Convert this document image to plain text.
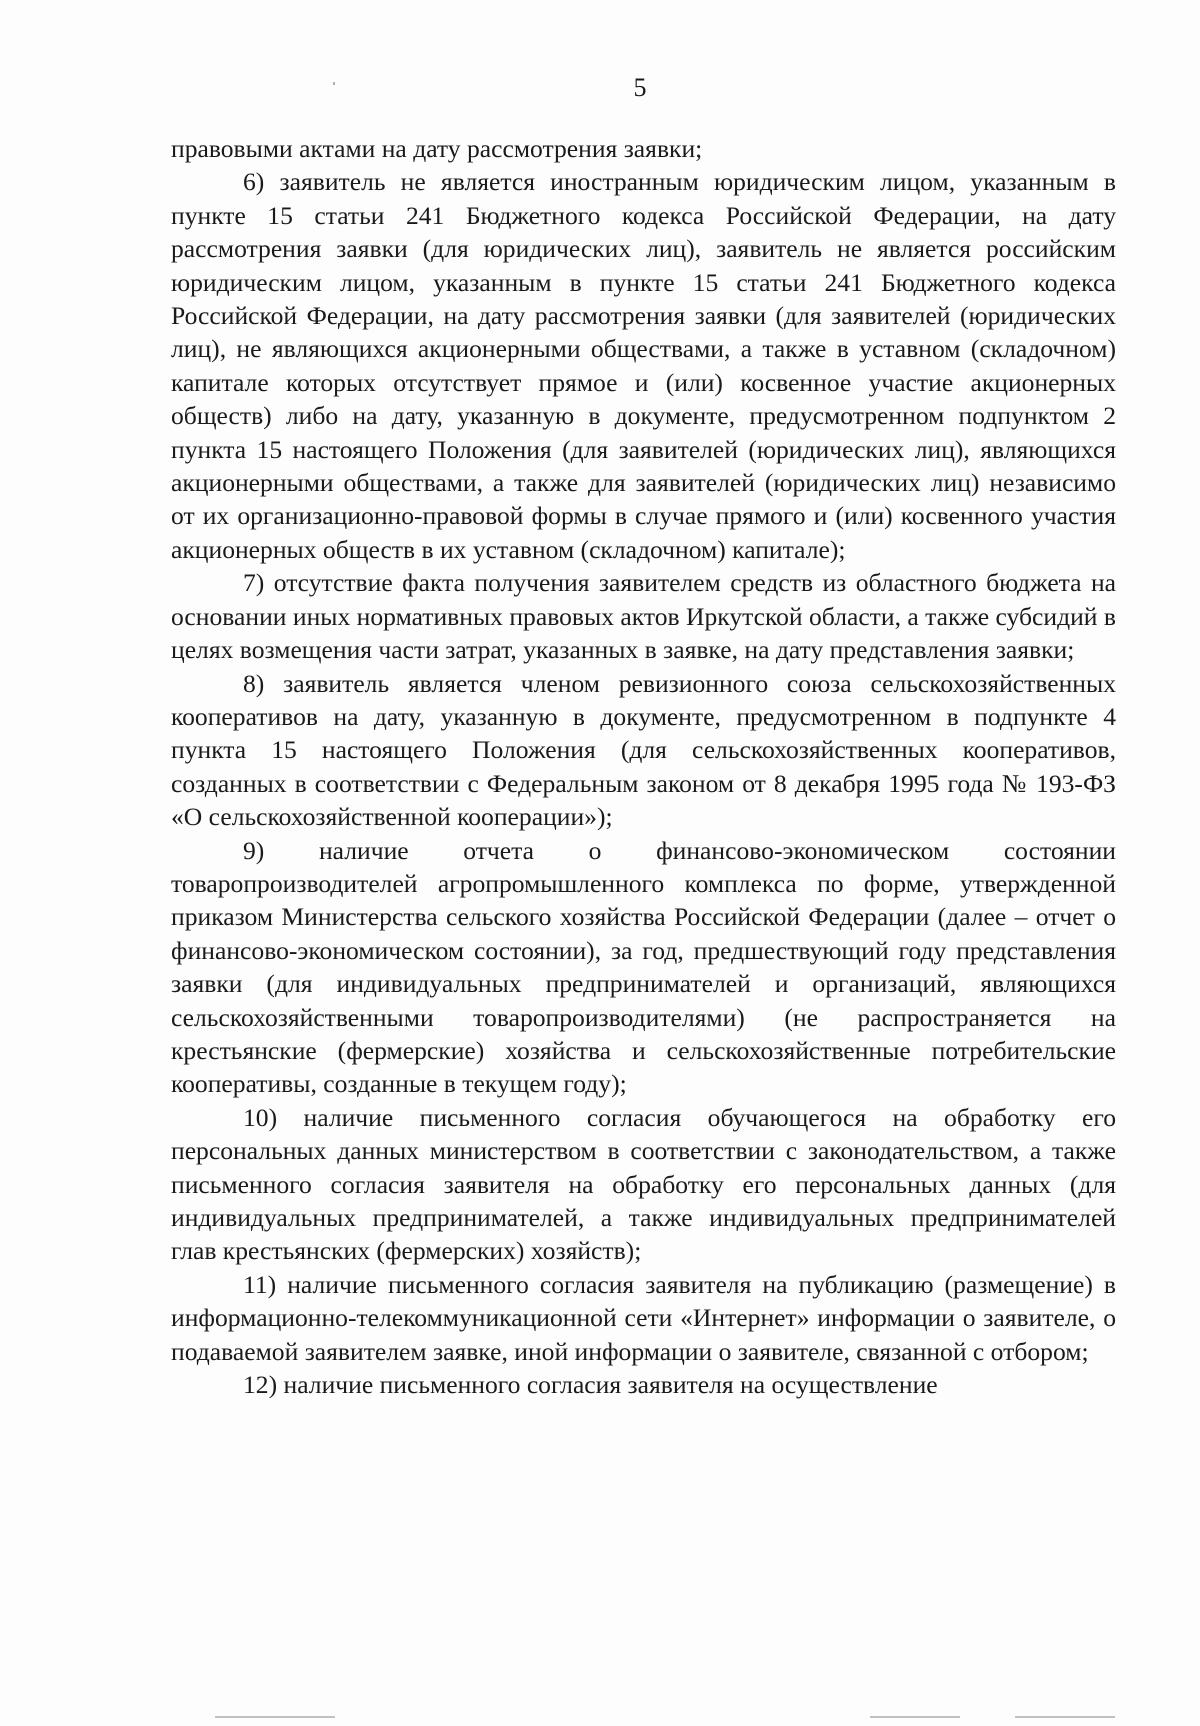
5

правовыми актами на дату рассмотрения заявки;

6) заявитель не является иностранным юридическим лицом, указанным в пункте 15 статьи 241 Бюджетного кодекса Российской Федерации, на дату рассмотрения заявки (для юридических лиц), заявитель не является российским юридическим лицом, указанным в пункте 15 статьи 241 Бюджетного кодекса Российской Федерации, на дату рассмотрения заявки (для заявителей (юридических лиц), не являющихся акционерными обществами, а также в уставном (складочном) капитале которых отсутствует прямое и (или) косвенное участие акционерных обществ) либо на дату, указанную в документе, предусмотренном подпунктом 2 пункта 15 настоящего Положения (для заявителей (юридических лиц), являющихся акционерными обществами, а также для заявителей (юридических лиц) независимо от их организационно-правовой формы в случае прямого и (или) косвенного участия акционерных обществ в их уставном (складочном) капитале);

7) отсутствие факта получения заявителем средств из областного бюджета на основании иных нормативных правовых актов Иркутской области, а также субсидий в целях возмещения части затрат, указанных в заявке, на дату представления заявки;

8) заявитель является членом ревизионного союза сельскохозяйственных кооперативов на дату, указанную в документе, предусмотренном в подпункте 4 пункта 15 настоящего Положения (для сельскохозяйственных кооперативов, созданных в соответствии с Федеральным законом от 8 декабря 1995 года № 193-ФЗ «О сельскохозяйственной кооперации»);

9) наличие отчета о финансово-экономическом состоянии товаропроизводителей агропромышленного комплекса по форме, утвержденной приказом Министерства сельского хозяйства Российской Федерации (далее – отчет о финансово-экономическом состоянии), за год, предшествующий году представления заявки (для индивидуальных предпринимателей и организаций, являющихся сельскохозяйственными товаропроизводителями) (не распространяется на крестьянские (фермерские) хозяйства и сельскохозяйственные потребительские кооперативы, созданные в текущем году);

10) наличие письменного согласия обучающегося на обработку его персональных данных министерством в соответствии с законодательством, а также письменного согласия заявителя на обработку его персональных данных (для индивидуальных предпринимателей, а также индивидуальных предпринимателей глав крестьянских (фермерских) хозяйств);

11) наличие письменного согласия заявителя на публикацию (размещение) в информационно-телекоммуникационной сети «Интернет» информации о заявителе, о подаваемой заявителем заявке, иной информации о заявителе, связанной с отбором;

12) наличие письменного согласия заявителя на осуществление
